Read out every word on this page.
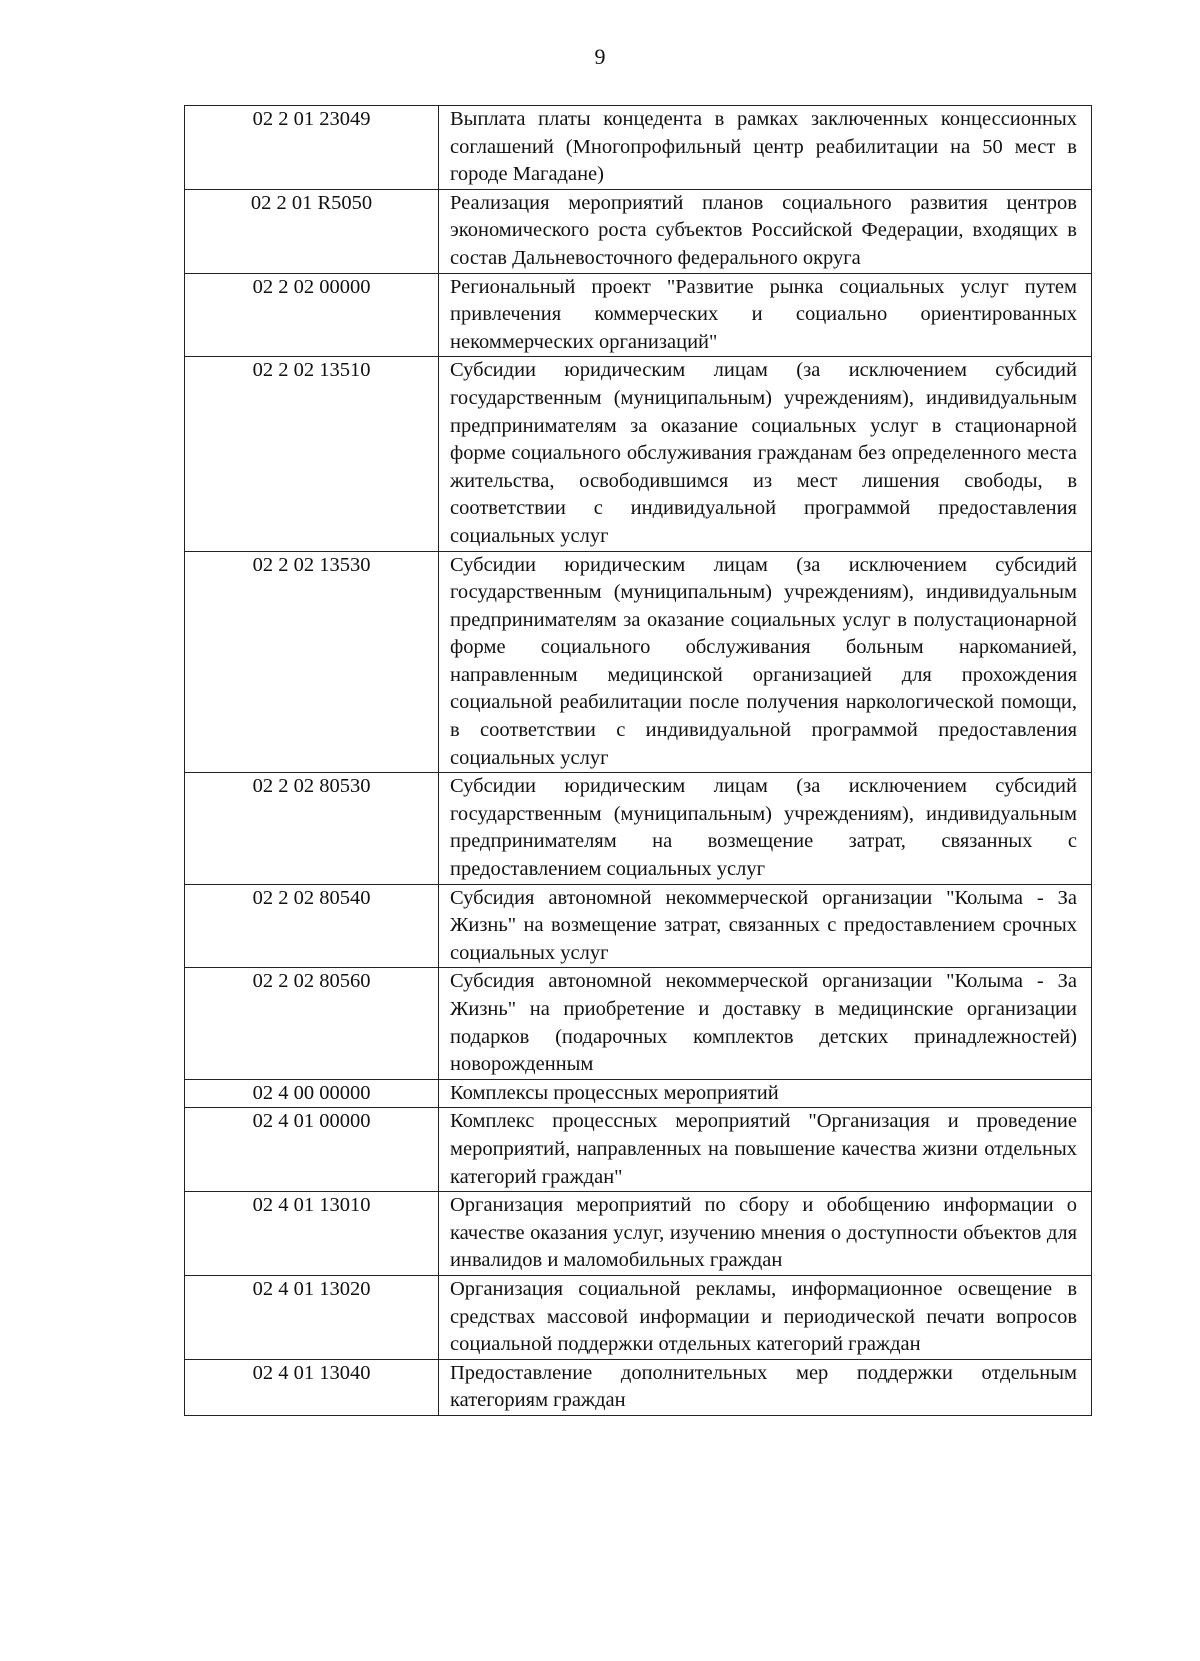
9
02 2 01 23049	Выплата платы концедента в рамках заключенных концессионных соглашений (Многопрофильный центр реабилитации на 50 мест в городе Магадане)
02 2 01 R5050	Реализация мероприятий планов социального развития центров экономического роста субъектов Российской Федерации, входящих в состав Дальневосточного федерального округа
02 2 02 00000	Региональный проект "Развитие рынка социальных услуг путем привлечения коммерческих и социально ориентированных некоммерческих организаций"
02 2 02 13510	Субсидии юридическим лицам (за исключением субсидий государственным (муниципальным) учреждениям), индивидуальным предпринимателям за оказание социальных услуг в стационарной форме социального обслуживания гражданам без определенного места жительства, освободившимся из мест лишения свободы, в соответствии с индивидуальной программой предоставления социальных услуг
02 2 02 13530	Субсидии юридическим лицам (за исключением субсидий государственным (муниципальным) учреждениям), индивидуальным предпринимателям за оказание социальных услуг в полустационарной форме социального обслуживания больным наркоманией, направленным медицинской организацией для прохождения социальной реабилитации после получения наркологической помощи, в соответствии с индивидуальной программой предоставления социальных услуг
02 2 02 80530	Субсидии юридическим лицам (за исключением субсидий государственным (муниципальным) учреждениям), индивидуальным предпринимателям на возмещение затрат, связанных с предоставлением социальных услуг
02 2 02 80540	Субсидия автономной некоммерческой организации "Колыма - За Жизнь" на возмещение затрат, связанных с предоставлением срочных социальных услуг
02 2 02 80560	Субсидия автономной некоммерческой организации "Колыма - За Жизнь" на приобретение и доставку в медицинские организации подарков (подарочных комплектов детских принадлежностей) новорожденным
02 4 00 00000	Комплексы процессных мероприятий
02 4 01 00000	Комплекс процессных мероприятий "Организация и проведение мероприятий, направленных на повышение качества жизни отдельных категорий граждан"
02 4 01 13010	Организация мероприятий по сбору и обобщению информации о качестве оказания услуг, изучению мнения о доступности объектов для инвалидов и маломобильных граждан
02 4 01 13020	Организация социальной рекламы, информационное освещение в средствах массовой информации и периодической печати вопросов социальной поддержки отдельных категорий граждан
02 4 01 13040	Предоставление дополнительных мер поддержки отдельным категориям граждан
